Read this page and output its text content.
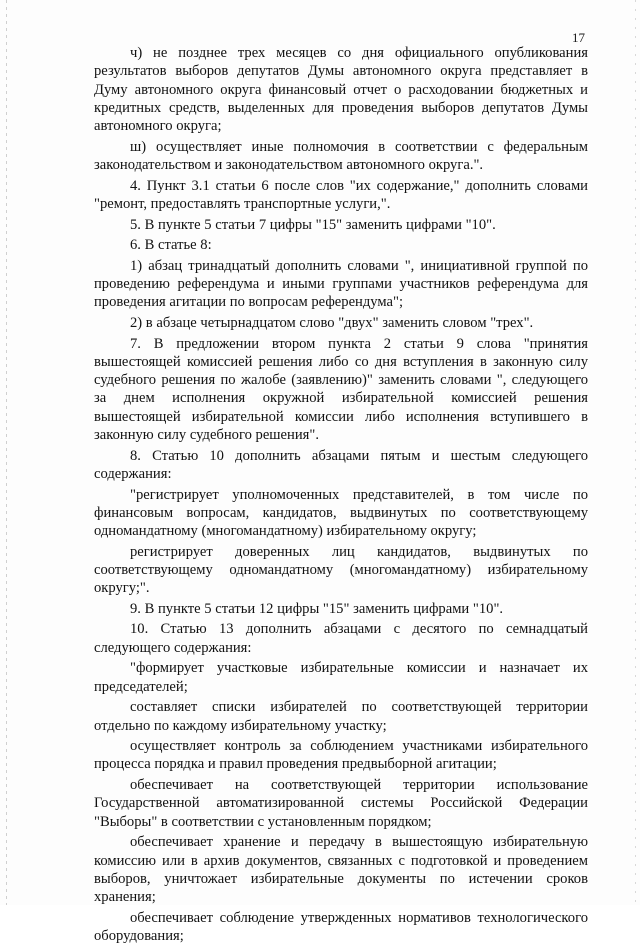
17

ч) не позднее трех месяцев со дня официального опубликования результатов выборов депутатов Думы автономного округа представляет в Думу автономного округа финансовый отчет о расходовании бюджетных и кредитных средств, выделенных для проведения выборов депутатов Думы автономного округа;

ш) осуществляет иные полномочия в соответствии с федеральным законодательством и законодательством автономного округа.".

4. Пункт 3.1 статьи 6 после слов "их содержание," дополнить словами "ремонт, предоставлять транспортные услуги,".

5. В пункте 5 статьи 7 цифры "15" заменить цифрами "10".

6. В статье 8:

1) абзац тринадцатый дополнить словами ", инициативной группой по проведению референдума и иными группами участников референдума для проведения агитации по вопросам референдума";

2) в абзаце четырнадцатом слово "двух" заменить словом "трех".

7. В предложении втором пункта 2 статьи 9 слова "принятия вышестоящей комиссией решения либо со дня вступления в законную силу судебного решения по жалобе (заявлению)" заменить словами ", следующего за днем исполнения окружной избирательной комиссией решения вышестоящей избирательной комиссии либо исполнения вступившего в законную силу судебного решения".

8. Статью 10 дополнить абзацами пятым и шестым следующего содержания:

"регистрирует уполномоченных представителей, в том числе по финансовым вопросам, кандидатов, выдвинутых по соответствующему одномандатному (многомандатному) избирательному округу;

регистрирует доверенных лиц кандидатов, выдвинутых по соответствующему одномандатному (многомандатному) избирательному округу;".

9. В пункте 5 статьи 12 цифры "15" заменить цифрами "10".

10. Статью 13 дополнить абзацами с десятого по семнадцатый следующего содержания:

"формирует участковые избирательные комиссии и назначает их председателей;

составляет списки избирателей по соответствующей территории отдельно по каждому избирательному участку;

осуществляет контроль за соблюдением участниками избирательного процесса порядка и правил проведения предвыборной агитации;

обеспечивает на соответствующей территории использование Государственной автоматизированной системы Российской Федерации "Выборы" в соответствии с установленным порядком;

обеспечивает хранение и передачу в вышестоящую избирательную комиссию или в архив документов, связанных с подготовкой и проведением выборов, уничтожает избирательные документы по истечении сроков хранения;

обеспечивает соблюдение утвержденных нормативов технологического оборудования;
